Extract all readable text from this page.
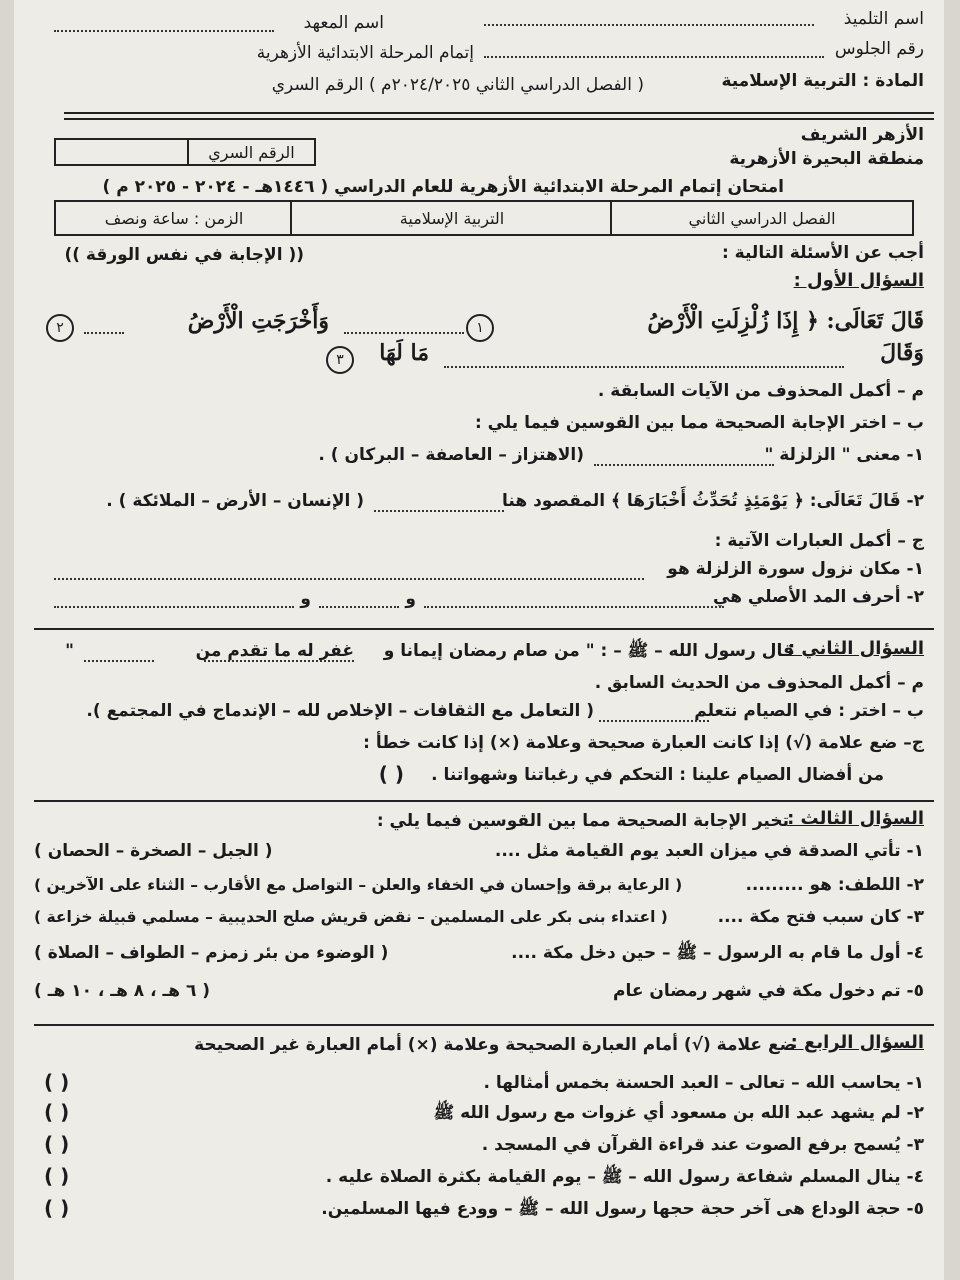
اسم التلميذ
اسم المعهد
رقم الجلوس
إتمام المرحلة الابتدائية الأزهرية
المادة : التربية الإسلامية
( الفصل الدراسي الثاني ٢٠٢٤/٢٠٢٥م ) الرقم السري
الأزهر الشريف
منطقة البحيرة الأزهرية
الرقم السري
امتحان إتمام المرحلة الابتدائية الأزهرية للعام الدراسي ( ١٤٤٦هـ - ٢٠٢٤ - ٢٠٢٥ م )
الفصل الدراسي الثاني
التربية الإسلامية
الزمن : ساعة ونصف
أجب عن الأسئلة التالية :
(( الإجابة في نفس الورقة ))
السؤال الأول :
قَالَ تَعَالَى: ﴿ إِذَا زُلْزِلَتِ الْأَرْضُ
١
وَأَخْرَجَتِ الْأَرْضُ
٢
وَقَالَ
مَا لَهَا
٣
م – أكمل المحذوف من الآيات السابقة .
ب – اختر الإجابة الصحيحة مما بين القوسين فيما يلي :
١- معنى " الزلزلة "
(الاهتزاز – العاصفة – البركان ) .
٢- قَالَ تَعَالَى: ﴿ يَوْمَئِذٍ تُحَدِّثُ أَخْبَارَهَا ﴾ المقصود هنا
( الإنسان – الأرض – الملائكة ) .
ج – أكمل العبارات الآتية :
١- مكان نزول سورة الزلزلة هو
٢- أحرف المد الأصلي هي
و
و
السؤال الثاني :
قال رسول الله – ﷺ – : " من صام رمضان إيمانا و
غفر له ما تقدم من
"
م – أكمل المحذوف من الحديث السابق .
ب – اختر : في الصيام نتعلم
( التعامل مع الثقافات – الإخلاص لله – الإندماج في المجتمع ).
ج– ضع علامة (√) إذا كانت العبارة صحيحة وعلامة (×) إذا كانت خطأ :
من أفضال الصيام علينا : التحكم في رغباتنا وشهواتنا .
( )
السؤال الثالث :
تخير الإجابة الصحيحة مما بين القوسين فيما يلي :
١- تأتي الصدقة في ميزان العبد يوم القيامة مثل ....
( الجبل – الصخرة – الحصان )
٢- اللطف: هو .........
( الرعاية برقة وإحسان في الخفاء والعلن – التواصل مع الأقارب – الثناء على الآخرين )
٣- كان سبب فتح مكة ....
( اعتداء بنى بكر على المسلمين – نقض قريش صلح الحديبية – مسلمي قبيلة خزاعة )
٤- أول ما قام به الرسول – ﷺ – حين دخل مكة ....
( الوضوء من بئر زمزم – الطواف – الصلاة )
٥- تم دخول مكة في شهر رمضان عام
( ٦ هـ ، ٨ هـ ، ١٠ هـ )
السؤال الرابع :
ضع علامة (√) أمام العبارة الصحيحة وعلامة (×) أمام العبارة غير الصحيحة
١- يحاسب الله – تعالى – العبد الحسنة بخمس أمثالها .
( )
٢- لم يشهد عبد الله بن مسعود أي غزوات مع رسول الله ﷺ
( )
٣- يُسمح برفع الصوت عند قراءة القرآن في المسجد .
( )
٤- ينال المسلم شفاعة رسول الله – ﷺ – يوم القيامة بكثرة الصلاة عليه .
( )
٥- حجة الوداع هى آخر حجة حجها رسول الله – ﷺ – وودع فيها المسلمين.
( )
